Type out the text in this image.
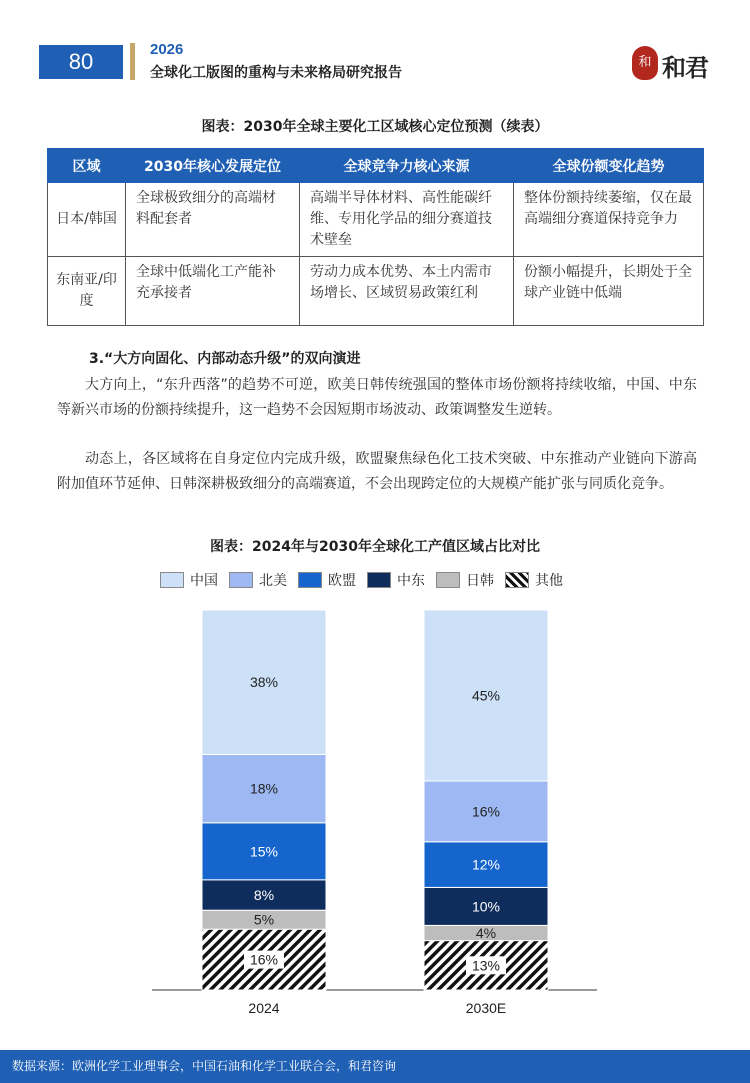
80	2026
全球化工版图的重构与未来格局研究报告
和 和君
图表：2030年全球主要化工区域核心定位预测（续表）
区域	2030年核心发展定位	全球竞争力核心来源	全球份额变化趋势
日本/韩国	全球极致细分的高端材料配套者	高端半导体材料、高性能碳纤维、专用化学品的细分赛道技术壁垒	整体份额持续萎缩，仅在最高端细分赛道保持竞争力
东南亚/印度	全球中低端化工产能补充承接者	劳动力成本优势、本土内需市场增长、区域贸易政策红利	份额小幅提升，长期处于全球产业链中低端
3.“大方向固化、内部动态升级”的双向演进
大方向上，“东升西落”的趋势不可逆，欧美日韩传统强国的整体市场份额将持续收缩，中国、中东等新兴市场的份额持续提升，这一趋势不会因短期市场波动、政策调整发生逆转。
动态上，各区域将在自身定位内完成升级，欧盟聚焦绿色化工技术突破、中东推动产业链向下游高附加值环节延伸、日韩深耕极致细分的高端赛道，不会出现跨定位的大规模产能扩张与同质化竞争。
图表：2024年与2030年全球化工产值区域占比对比
中国	北美	欧盟	中东	日韩	其他
16%
5%
8%
15%
18%
38%
2024
13%
4%
10%
12%
16%
45%
2030E
数据来源：欧洲化学工业理事会，中国石油和化学工业联合会，和君咨询
